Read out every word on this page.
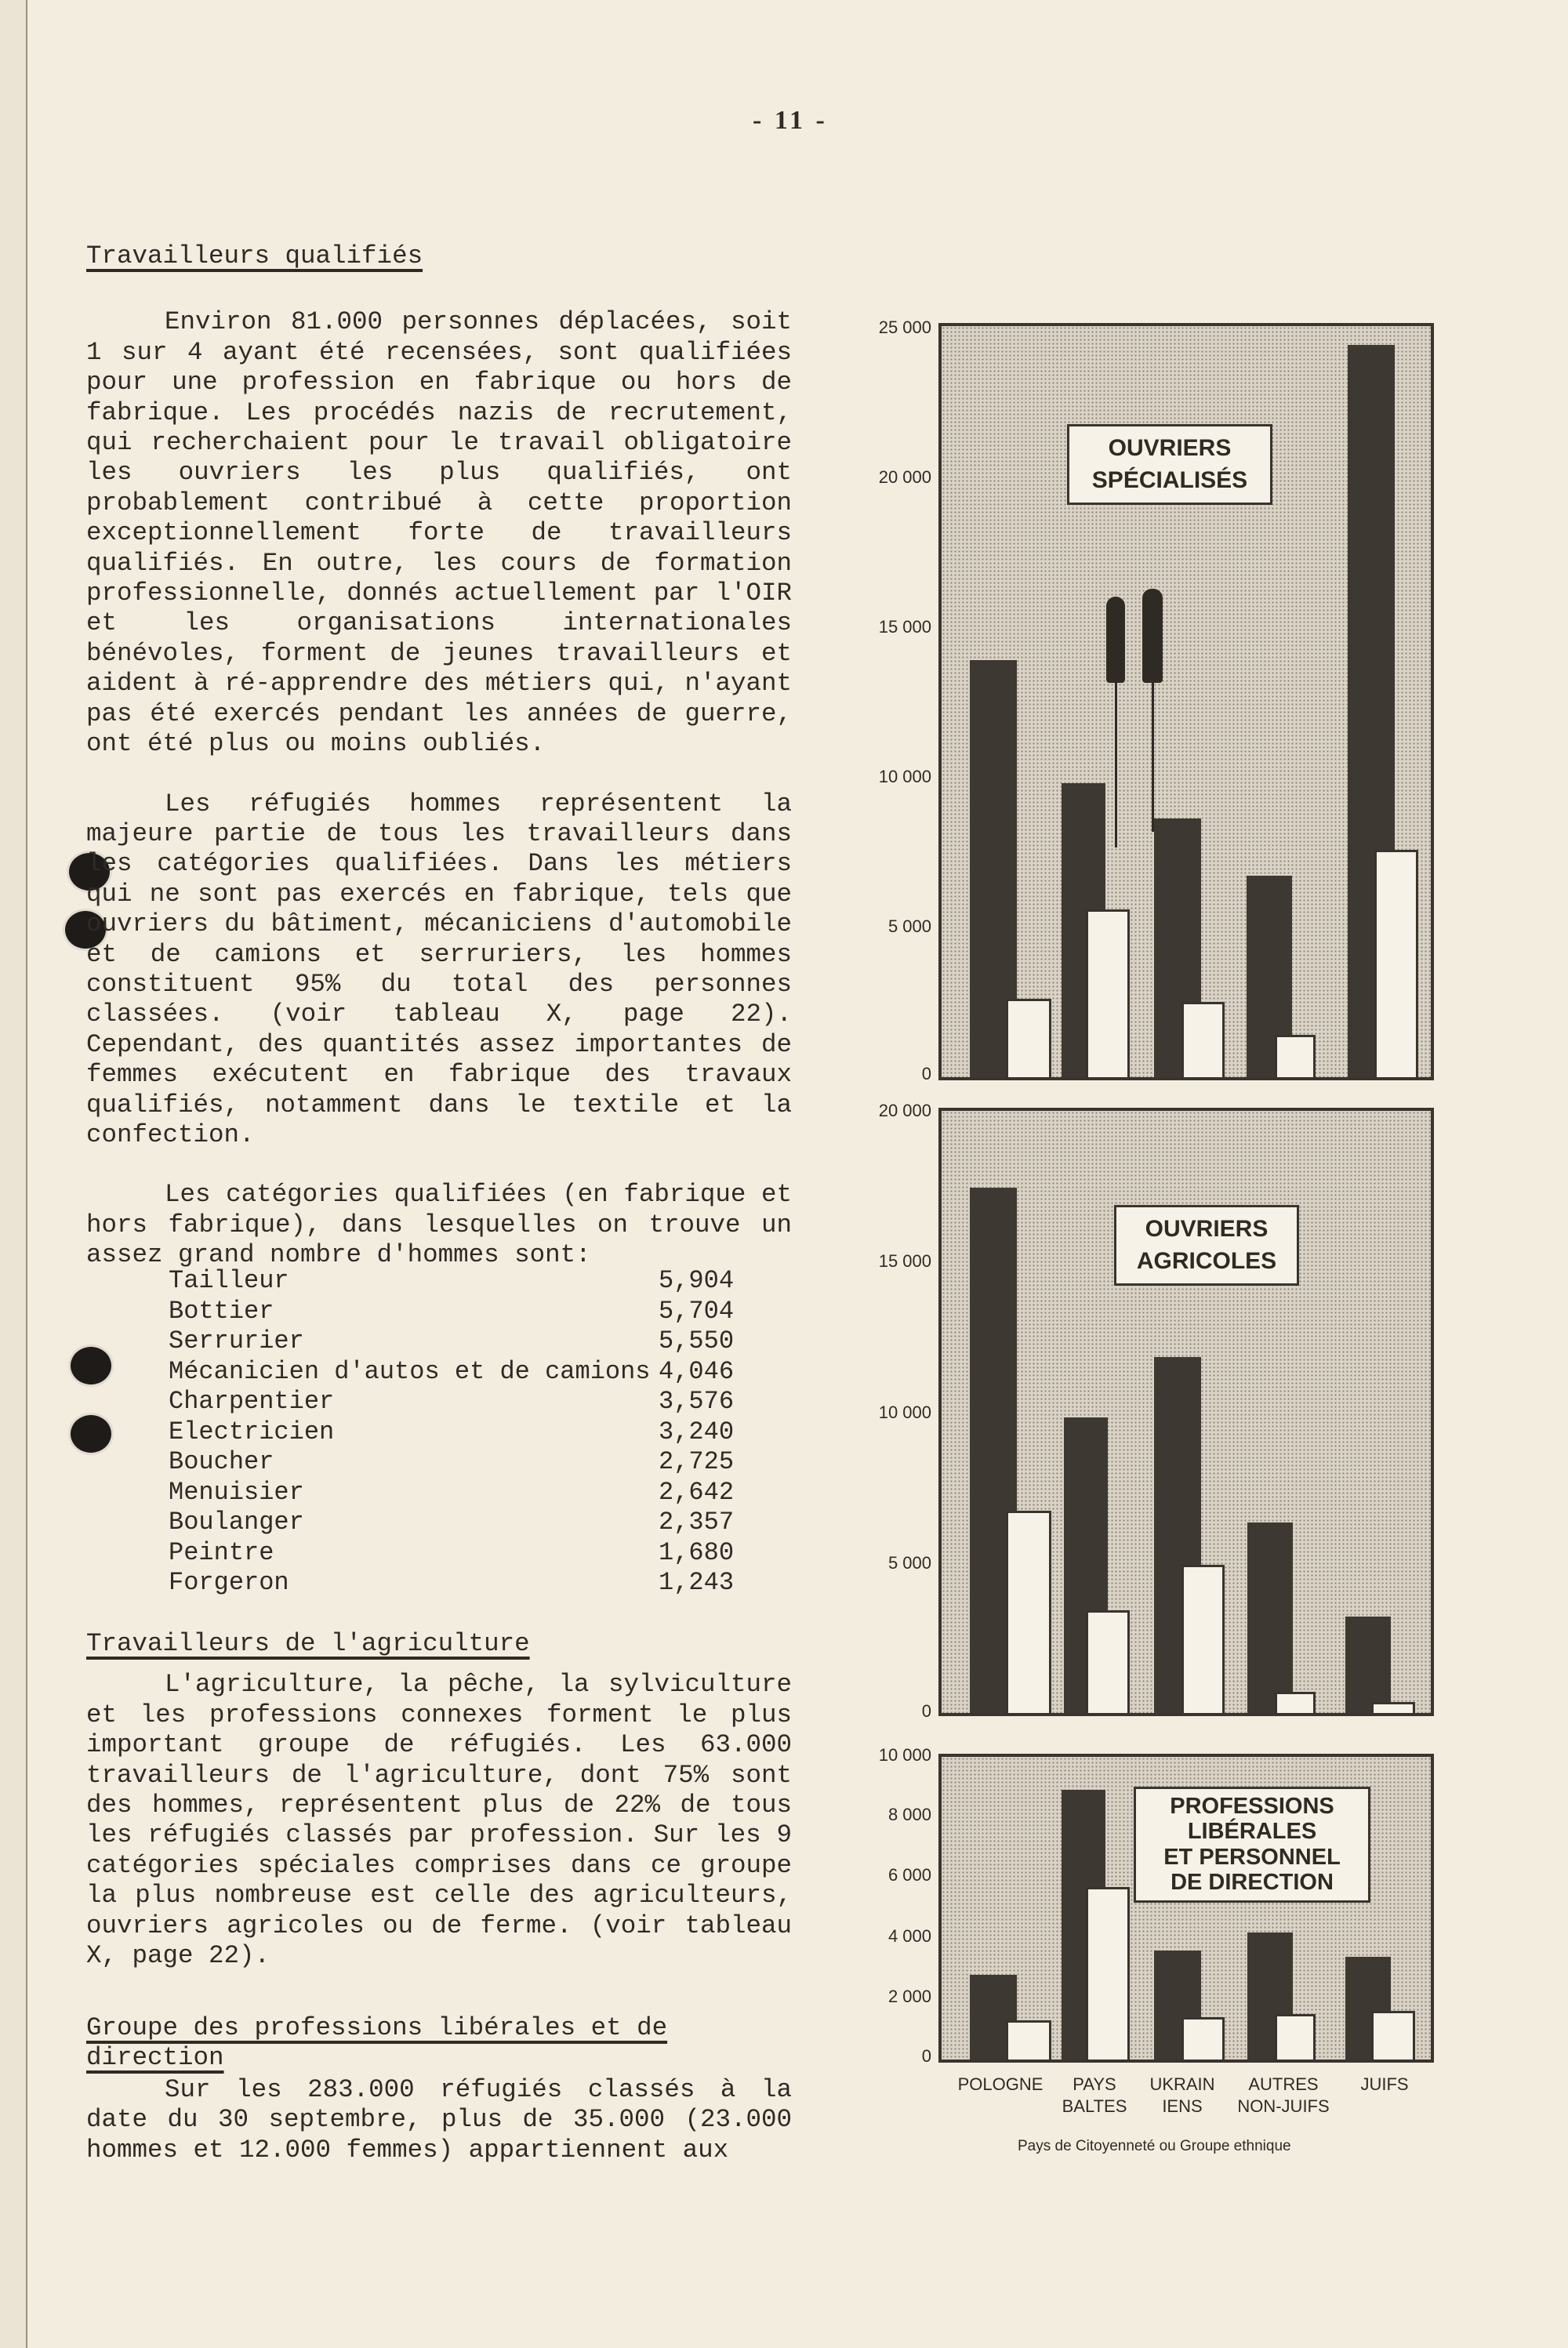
- 11 -
Travailleurs qualifiés

Environ 81.000 personnes déplacées, soit 1 sur 4 ayant été recensées, sont qualifiées pour une profession en fabrique ou hors de fabrique. Les procédés nazis de recrutement, qui recherchaient pour le travail obligatoire les ouvriers les plus qualifiés, ont probablement contribué à cette proportion exceptionnellement forte de travailleurs qualifiés. En outre, les cours de formation professionnelle, donnés actuellement par l'OIR et les organisations internationales bénévoles, forment de jeunes travailleurs et aident à ré-apprendre des métiers qui, n'ayant pas été exercés pendant les années de guerre, ont été plus ou moins oubliés.

Les réfugiés hommes représentent la majeure partie de tous les travailleurs dans les catégories qualifiées. Dans les métiers qui ne sont pas exercés en fabrique, tels que ouvriers du bâtiment, mécaniciens d'automobile et de camions et serruriers, les hommes constituent 95% du total des personnes classées. (voir tableau X, page 22). Cependant, des quantités assez importantes de femmes exécutent en fabrique des travaux qualifiés, notamment dans le textile et la confection.

Les catégories qualifiées (en fabrique et hors fabrique), dans lesquelles on trouve un assez grand nombre d'hommes sont:

Tailleur	5,904
Bottier	5,704
Serrurier	5,550
Mécanicien d'autos et de camions 4,046
Charpentier	3,576
Electricien	3,240
Boucher	2,725
Menuisier	2,642
Boulanger	2,357
Peintre	1,680
Forgeron	1,243
Travailleurs de l'agriculture

L'agriculture, la pêche, la sylviculture et les professions connexes forment le plus important groupe de réfugiés. Les 63.000 travailleurs de l'agriculture, dont 75% sont des hommes, représentent plus de 22% de tous les réfugiés classés par profession. Sur les 9 catégories spéciales comprises dans ce groupe la plus nombreuse est celle des agriculteurs, ouvriers agricoles ou de ferme. (voir tableau X, page 22).

Groupe des professions libérales et de direction

Sur les 283.000 réfugiés classés à la date du 30 septembre, plus de 35.000 (23.000 hommes et 12.000 femmes) appartiennent aux

OUVRIERS
SPÉCIALISÉS
25 000
20 000
15 000
10 000
5 000
0
OUVRIERS
AGRICOLES
20 000
15 000
10 000
5 000
0
PROFESSIONS
LIBÉRALES
ET PERSONNEL
DE DIRECTION
10 000
8 000
6 000
4 000
2 000
0
POLOGNE	PAYS
BALTES
UKRAIN
IENS
AUTRES
NON-JUIFS
JUIFS
Pays de Citoyenneté ou Groupe ethnique
